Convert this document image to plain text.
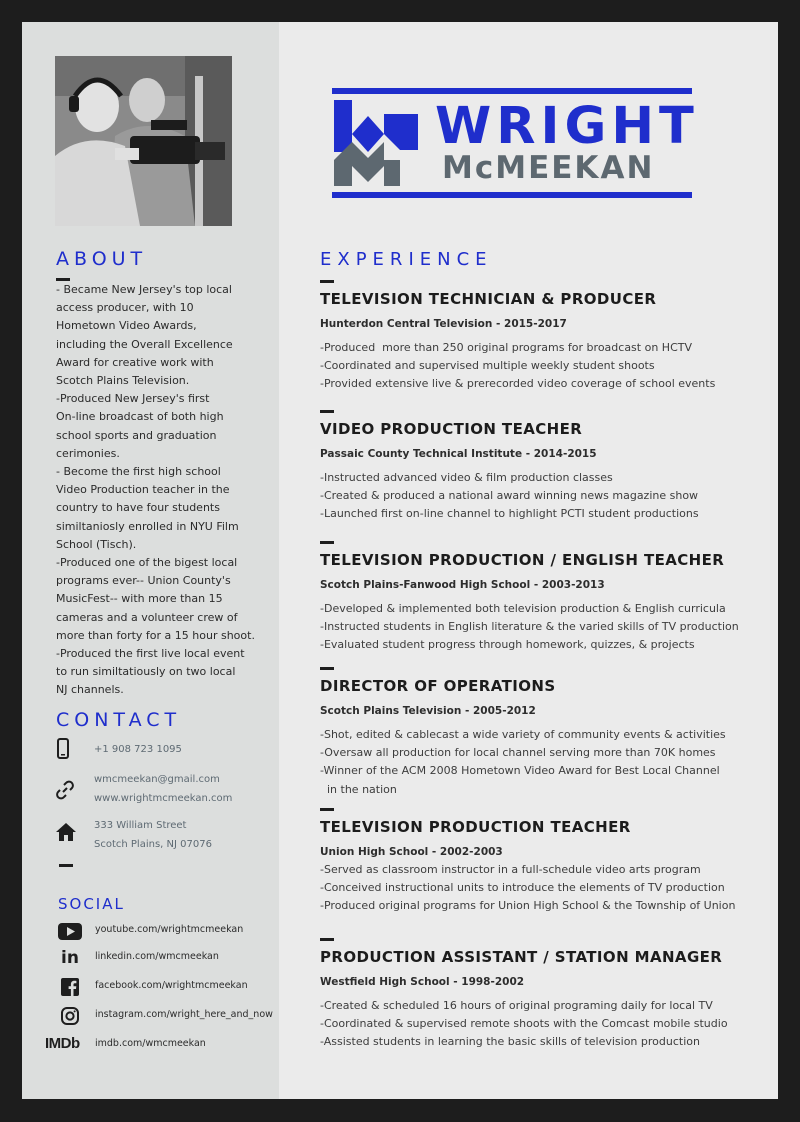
ABOUT
- Became New Jersey's top local
access producer, with 10
Hometown Video Awards,
including the Overall Excellence
Award for creative work with
Scotch Plains Television.
-Produced New Jersey's first
On-line broadcast of both high
school sports and graduation
cerimonies.
- Become the first high school
Video Production teacher in the
country to have four students
similtaniosly enrolled in NYU Film
School (Tisch).
-Produced one of the bigest local
programs ever-- Union County's
MusicFest-- with more than 15
cameras and a volunteer crew of
more than forty for a 15 hour shoot.
-Produced the first live local event
to run similtatiously on two local
NJ channels.
CONTACT
+1 908 723 1095
wmcmeekan@gmail.com
www.wrightmcmeekan.com
333 William Street
Scotch Plains, NJ 07076
SOCIAL
youtube.com/wrightmcmeekan
in linkedin.com/wmcmeekan
facebook.com/wrightmcmeekan
instagram.com/wright_here_and_now
IMDb imdb.com/wmcmeekan
WRIGHT
McMEEKAN
EXPERIENCE
TELEVISION TECHNICIAN & PRODUCER
Hunterdon Central Television - 2015-2017
-Produced  more than 250 original programs for broadcast on HCTV
-Coordinated and supervised multiple weekly student shoots
-Provided extensive live & prerecorded video coverage of school events
VIDEO PRODUCTION TEACHER
Passaic County Technical Institute - 2014-2015
-Instructed advanced video & film production classes
-Created & produced a national award winning news magazine show
-Launched first on-line channel to highlight PCTI student productions
TELEVISION PRODUCTION / ENGLISH TEACHER
Scotch Plains-Fanwood High School - 2003-2013
-Developed & implemented both television production & English curricula
-Instructed students in English literature & the varied skills of TV production
-Evaluated student progress through homework, quizzes, & projects
DIRECTOR OF OPERATIONS
Scotch Plains Television - 2005-2012
-Shot, edited & cablecast a wide variety of community events & activities
-Oversaw all production for local channel serving more than 70K homes
-Winner of the ACM 2008 Hometown Video Award for Best Local Channel
in the nation
TELEVISION PRODUCTION TEACHER
Union High School - 2002-2003
-Served as classroom instructor in a full-schedule video arts program
-Conceived instructional units to introduce the elements of TV production
-Produced original programs for Union High School & the Township of Union
PRODUCTION ASSISTANT / STATION MANAGER
Westfield High School - 1998-2002
-Created & scheduled 16 hours of original programing daily for local TV
-Coordinated & supervised remote shoots with the Comcast mobile studio
-Assisted students in learning the basic skills of television production
